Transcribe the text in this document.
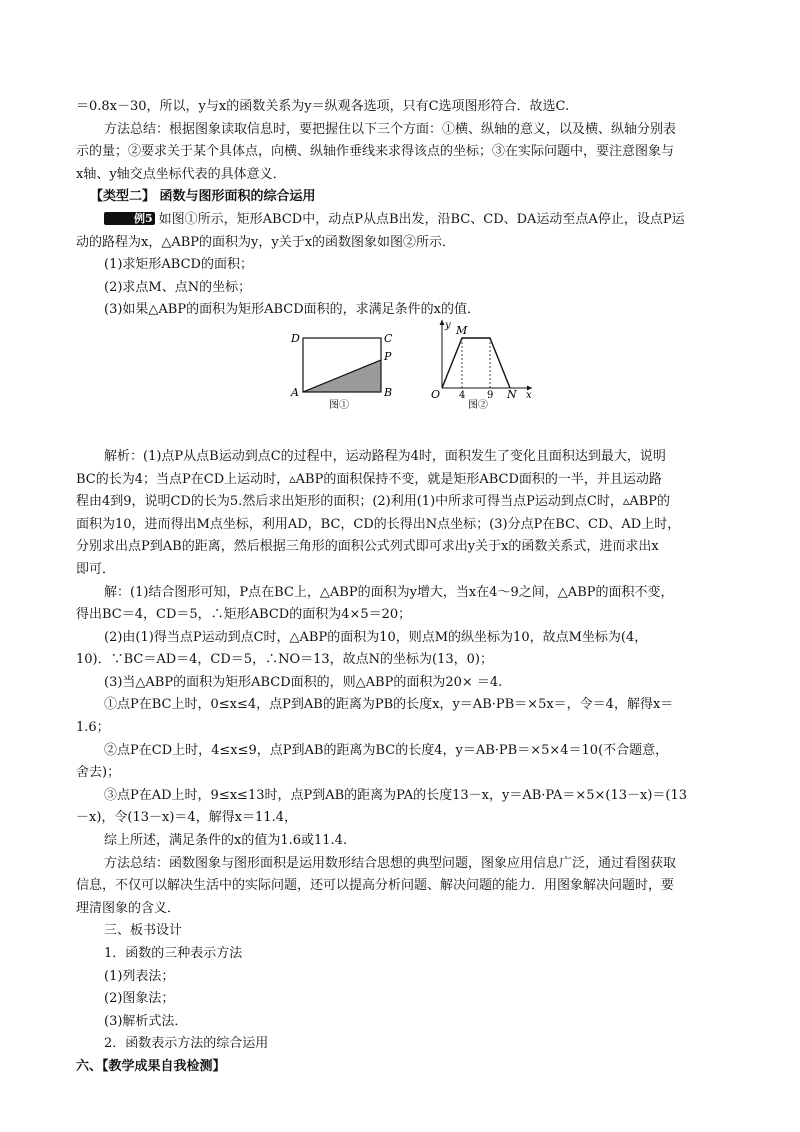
＝0.8x－30，所以，y与x的函数关系为y＝纵观各选项，只有C选项图形符合．故选C.

方法总结：根据图象读取信息时，要把握住以下三个方面：①横、纵轴的意义，以及横、纵轴分别表

示的量；②要求关于某个具体点，向横、纵轴作垂线来求得该点的坐标；③在实际问题中，要注意图象与

x轴、y轴交点坐标代表的具体意义．

【类型二】 函数与图形面积的综合运用

例5 如图①所示，矩形ABCD中，动点P从点B出发，沿BC、CD、DA运动至点A停止，设点P运

动的路程为x，△ABP的面积为y，y关于x的函数图象如图②所示．

(1)求矩形ABCD的面积；

(2)求点M、点N的坐标；

(3)如果△ABP的面积为矩形ABCD面积的，求满足条件的x的值．

解析：(1)点P从点B运动到点C的过程中，运动路程为4时，面积发生了变化且面积达到最大，说明

BC的长为4；当点P在CD上运动时，▵ABP的面积保持不变，就是矩形ABCD面积的一半，并且运动路

程由4到9，说明CD的长为5.然后求出矩形的面积；(2)利用(1)中所求可得当点P运动到点C时，▵ABP的

面积为10，进而得出M点坐标，利用AD，BC，CD的长得出N点坐标；(3)分点P在BC、CD、AD上时，

分别求出点P到AB的距离，然后根据三角形的面积公式列式即可求出y关于x的函数关系式，进而求出x

即可．

解：(1)结合图形可知，P点在BC上，△ABP的面积为y增大，当x在4～9之间，△ABP的面积不变，

得出BC＝4，CD＝5，∴矩形ABCD的面积为4×5＝20；

(2)由(1)得当点P运动到点C时，△ABP的面积为10，则点M的纵坐标为10，故点M坐标为(4，

10)．∵BC＝AD＝4，CD＝5，∴NO＝13，故点N的坐标为(13，0)；

(3)当△ABP的面积为矩形ABCD面积的，则△ABP的面积为20× ＝4.

①点P在BC上时，0≤x≤4，点P到AB的距离为PB的长度x，y＝AB·PB＝×5x＝，令＝4，解得x＝

1.6；

②点P在CD上时，4≤x≤9，点P到AB的距离为BC的长度4，y＝AB·PB＝×5×4＝10(不合题意，

舍去)；

③点P在AD上时，9≤x≤13时，点P到AB的距离为PA的长度13－x，y＝AB·PA＝×5×(13－x)＝(13

－x)，令(13－x)＝4，解得x＝11.4，

综上所述，满足条件的x的值为1.6或11.4.

方法总结：函数图象与图形面积是运用数形结合思想的典型问题，图象应用信息广泛，通过看图获取

信息，不仅可以解决生活中的实际问题，还可以提高分析问题、解决问题的能力．用图象解决问题时，要

理清图象的含义．

三、板书设计

1．函数的三种表示方法

(1)列表法；

(2)图象法；

(3)解析式法．

2．函数表示方法的综合运用

六、【教学成果自我检测】

D	C
P
A	B
图①
y M
O 4 9 N x
图②
